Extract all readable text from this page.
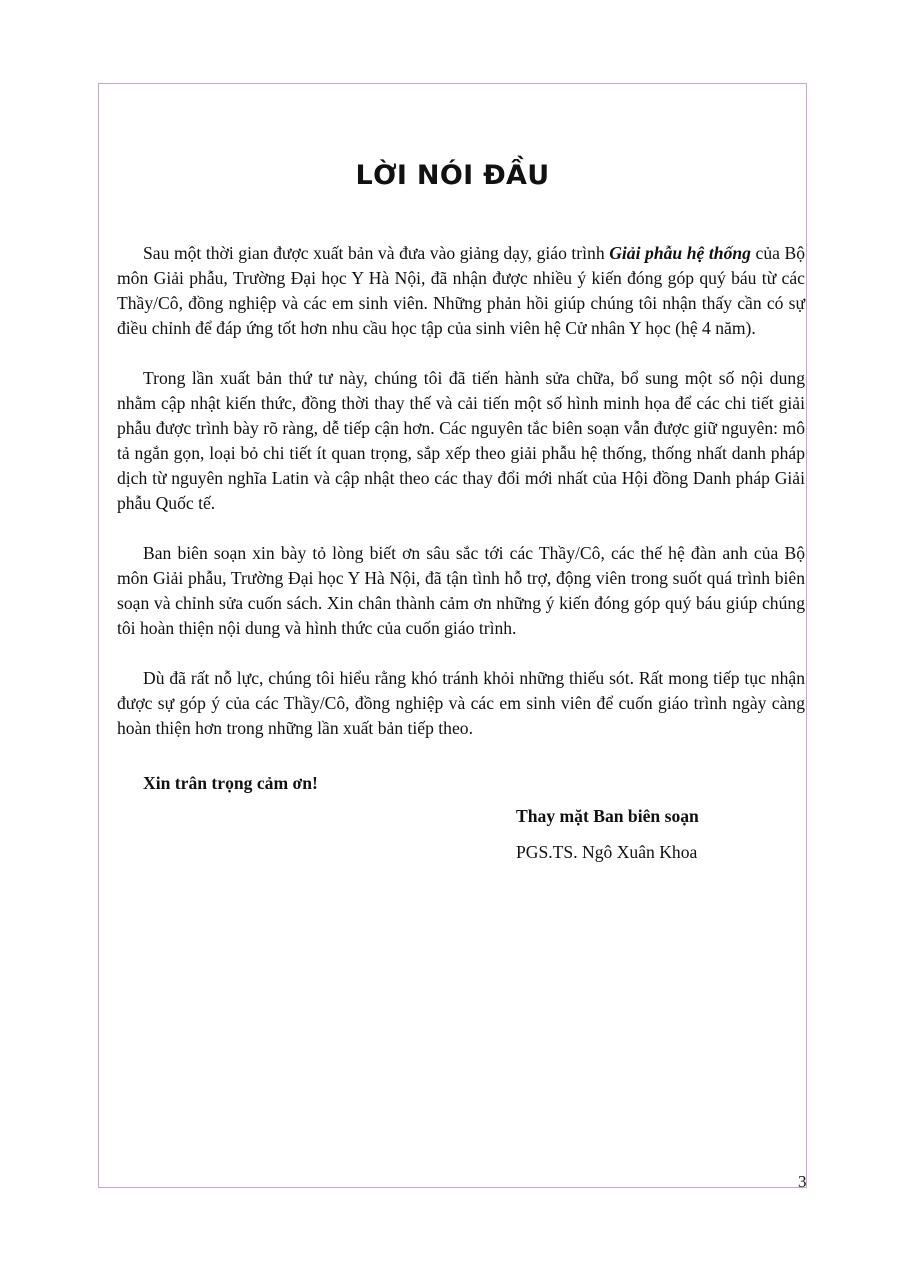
LỜI NÓI ĐẦU

Sau một thời gian được xuất bản và đưa vào giảng dạy, giáo trình Giải phẫu hệ thống của Bộ môn Giải phẫu, Trường Đại học Y Hà Nội, đã nhận được nhiều ý kiến đóng góp quý báu từ các Thầy/Cô, đồng nghiệp và các em sinh viên. Những phản hồi giúp chúng tôi nhận thấy cần có sự điều chỉnh để đáp ứng tốt hơn nhu cầu học tập của sinh viên hệ Cử nhân Y học (hệ 4 năm).

Trong lần xuất bản thứ tư này, chúng tôi đã tiến hành sửa chữa, bổ sung một số nội dung nhằm cập nhật kiến thức, đồng thời thay thế và cải tiến một số hình minh họa để các chi tiết giải phẫu được trình bày rõ ràng, dễ tiếp cận hơn. Các nguyên tắc biên soạn vẫn được giữ nguyên: mô tả ngắn gọn, loại bỏ chi tiết ít quan trọng, sắp xếp theo giải phẫu hệ thống, thống nhất danh pháp dịch từ nguyên nghĩa Latin và cập nhật theo các thay đổi mới nhất của Hội đồng Danh pháp Giải phẫu Quốc tế.

Ban biên soạn xin bày tỏ lòng biết ơn sâu sắc tới các Thầy/Cô, các thế hệ đàn anh của Bộ môn Giải phẫu, Trường Đại học Y Hà Nội, đã tận tình hỗ trợ, động viên trong suốt quá trình biên soạn và chỉnh sửa cuốn sách. Xin chân thành cảm ơn những ý kiến đóng góp quý báu giúp chúng tôi hoàn thiện nội dung và hình thức của cuốn giáo trình.

Dù đã rất nỗ lực, chúng tôi hiểu rằng khó tránh khỏi những thiếu sót. Rất mong tiếp tục nhận được sự góp ý của các Thầy/Cô, đồng nghiệp và các em sinh viên để cuốn giáo trình ngày càng hoàn thiện hơn trong những lần xuất bản tiếp theo.

Xin trân trọng cảm ơn!
Thay mặt Ban biên soạn
PGS.TS. Ngô Xuân Khoa
3
